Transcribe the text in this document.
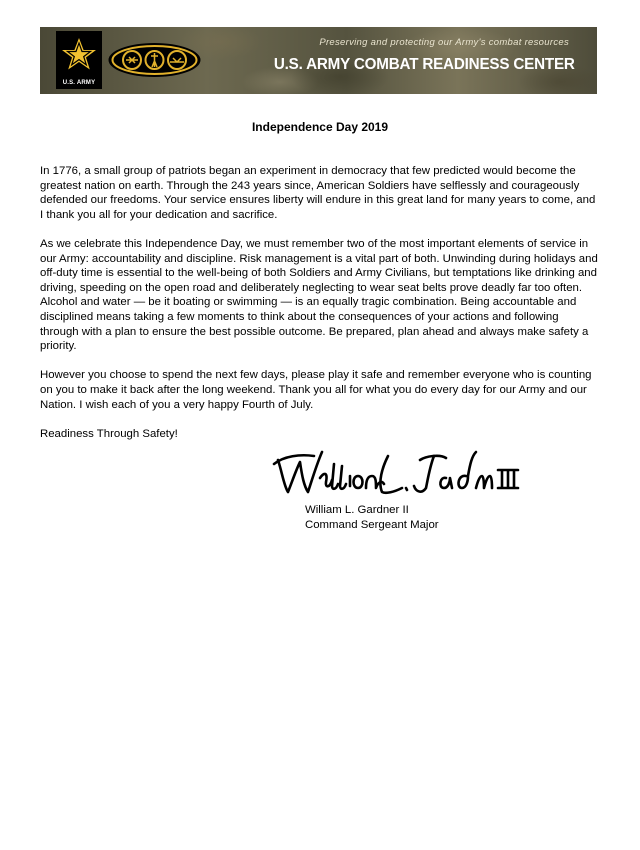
U.S. ARMY
Preserving and protecting our Army's combat resources
U.S. ARMY COMBAT READINESS CENTER
Independence Day 2019

In 1776, a small group of patriots began an experiment in democracy that few predicted would become the greatest nation on earth. Through the 243 years since, American Soldiers have selflessly and courageously defended our freedoms. Your service ensures liberty will endure in this great land for many years to come, and I thank you all for your dedication and sacrifice.

As we celebrate this Independence Day, we must remember two of the most important elements of service in our Army: accountability and discipline. Risk management is a vital part of both. Unwinding during holidays and off-duty time is essential to the well-being of both Soldiers and Army Civilians, but temptations like drinking and driving, speeding on the open road and deliberately neglecting to wear seat belts prove deadly far too often. Alcohol and water — be it boating or swimming — is an equally tragic combination. Being accountable and disciplined means taking a few moments to think about the consequences of your actions and following through with a plan to ensure the best possible outcome. Be prepared, plan ahead and always make safety a priority.

However you choose to spend the next few days, please play it safe and remember everyone who is counting on you to make it back after the long weekend. Thank you all for what you do every day for our Army and our Nation. I wish each of you a very happy Fourth of July.

Readiness Through Safety!

William L. Gardner II
Command Sergeant Major
